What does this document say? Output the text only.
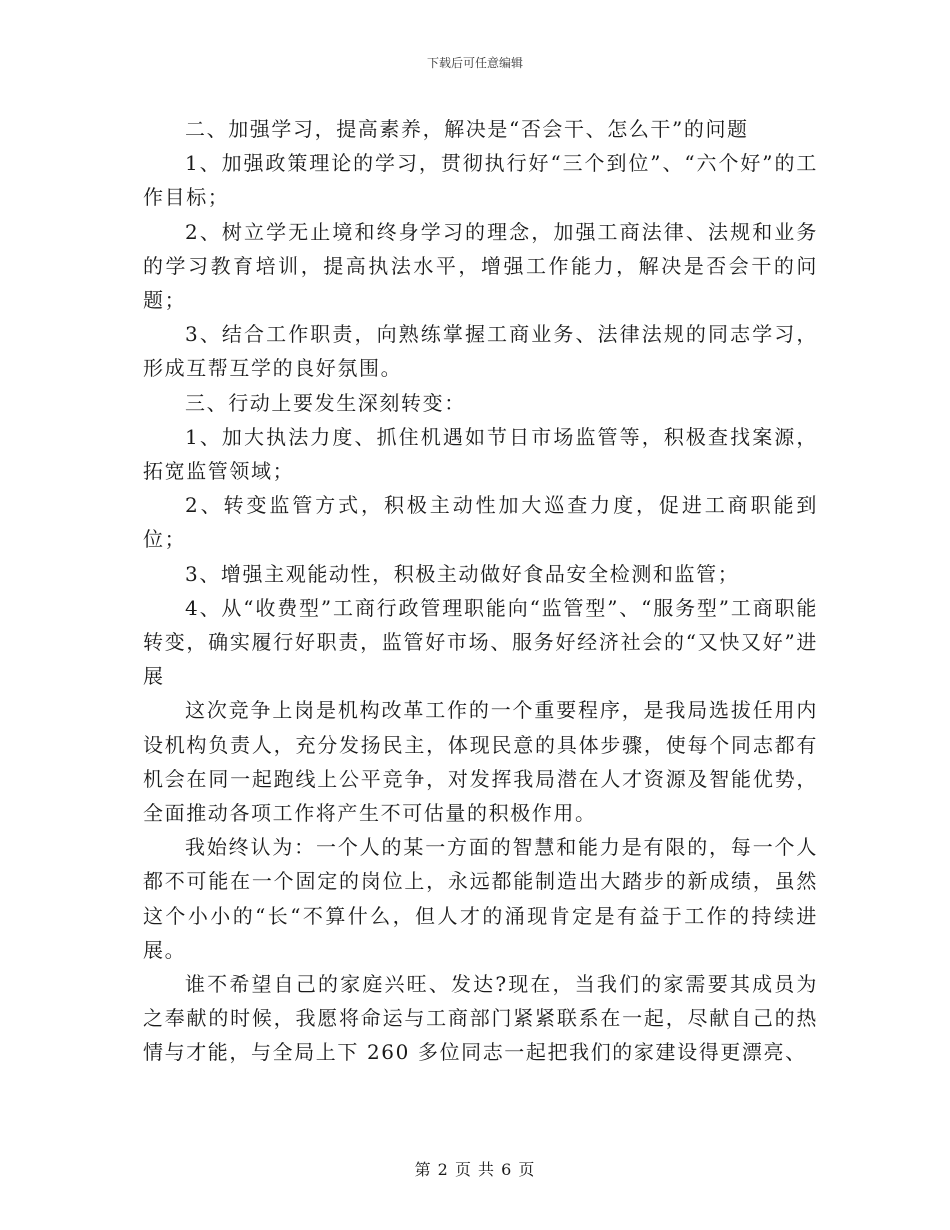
下载后可任意编辑

二、加强学习，提高素养，解决是“否会干、怎么干”的问题

1、加强政策理论的学习，贯彻执行好“三个到位”、“六个好”的工作目标；

2、树立学无止境和终身学习的理念，加强工商法律、法规和业务的学习教育培训，提高执法水平，增强工作能力，解决是否会干的问题；

3、结合工作职责，向熟练掌握工商业务、法律法规的同志学习，形成互帮互学的良好氛围。

三、行动上要发生深刻转变：

1、加大执法力度、抓住机遇如节日市场监管等，积极查找案源，拓宽监管领域；

2、转变监管方式，积极主动性加大巡查力度，促进工商职能到位；

3、增强主观能动性，积极主动做好食品安全检测和监管；

4、从“收费型”工商行政管理职能向“监管型”、“服务型”工商职能转变，确实履行好职责，监管好市场、服务好经济社会的“又快又好”进展

这次竞争上岗是机构改革工作的一个重要程序，是我局选拔任用内设机构负责人，充分发扬民主，体现民意的具体步骤，使每个同志都有机会在同一起跑线上公平竞争，对发挥我局潜在人才资源及智能优势，全面推动各项工作将产生不可估量的积极作用。

我始终认为：一个人的某一方面的智慧和能力是有限的，每一个人都不可能在一个固定的岗位上，永远都能制造出大踏步的新成绩，虽然这个小小的“长“不算什么，但人才的涌现肯定是有益于工作的持续进展。

谁不希望自己的家庭兴旺、发达?现在，当我们的家需要其成员为之奉献的时候，我愿将命运与工商部门紧紧联系在一起，尽献自己的热情与才能，与全局上下 260 多位同志一起把我们的家建设得更漂亮、

第 2 页 共 6 页
